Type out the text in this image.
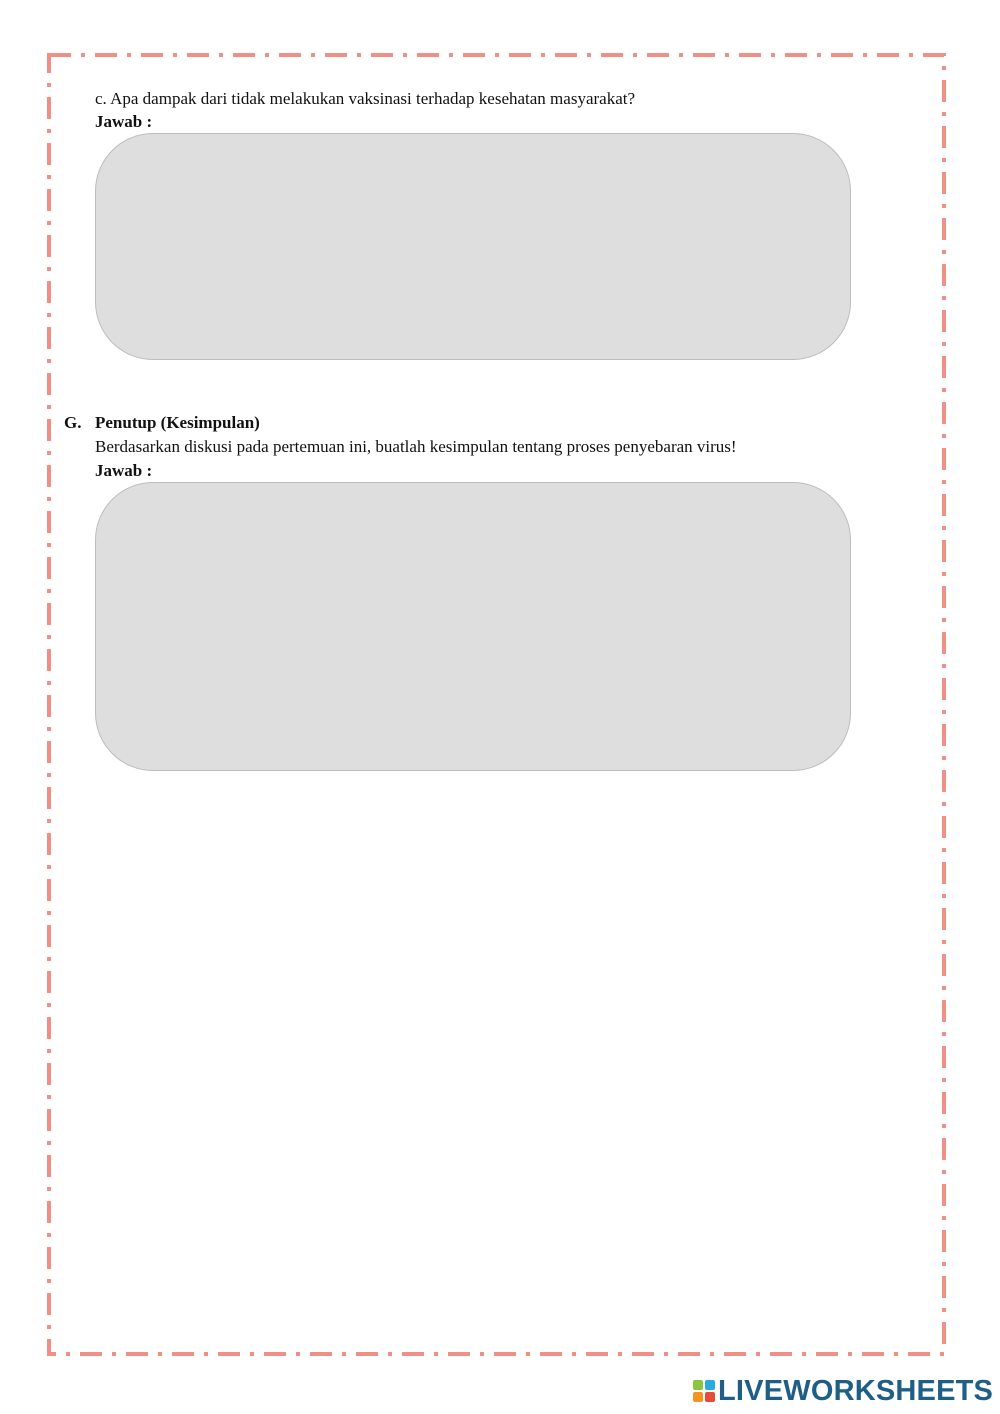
c. Apa dampak dari tidak melakukan vaksinasi terhadap kesehatan masyarakat?
Jawab :
G. Penutup (Kesimpulan)
Berdasarkan diskusi pada pertemuan ini, buatlah kesimpulan tentang proses penyebaran virus!
Jawab :
LIVEWORKSHEETS
